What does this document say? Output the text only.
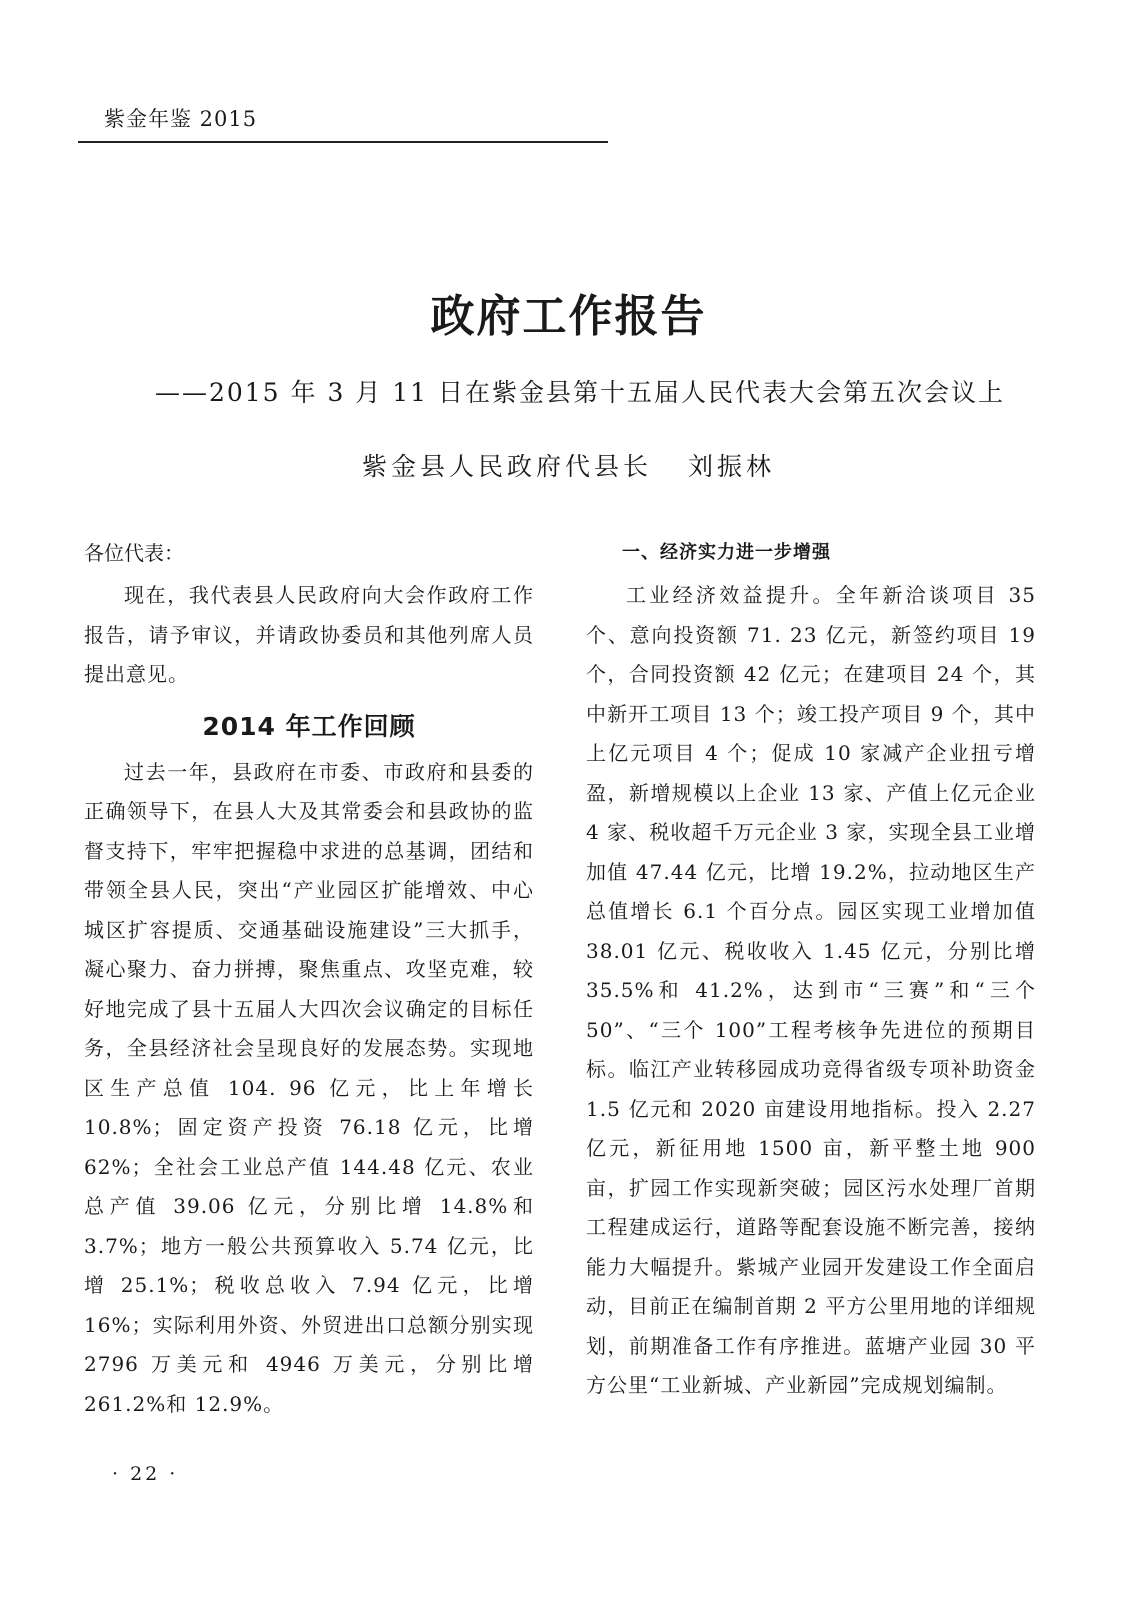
紫金年鉴 2015
政府工作报告
——2015 年 3 月 11 日在紫金县第十五届人民代表大会第五次会议上
紫金县人民政府代县长 刘振林

各位代表：

现在，我代表县人民政府向大会作政府工作报告，请予审议，并请政协委员和其他列席人员提出意见。

2014 年工作回顾

过去一年，县政府在市委、市政府和县委的正确领导下，在县人大及其常委会和县政协的监督支持下，牢牢把握稳中求进的总基调，团结和带领全县人民，突出“产业园区扩能增效、中心城区扩容提质、交通基础设施建设”三大抓手，凝心聚力、奋力拼搏，聚焦重点、攻坚克难，较好地完成了县十五届人大四次会议确定的目标任务，全县经济社会呈现良好的发展态势。实现地区生产总值 104. 96 亿元，比上年增长 10.8%；固定资产投资 76.18 亿元，比增 62%；全社会工业总产值 144.48 亿元、农业总产值 39.06 亿元，分别比增 14.8%和 3.7%；地方一般公共预算收入 5.74 亿元，比增 25.1%；税收总收入 7.94 亿元，比增 16%；实际利用外资、外贸进出口总额分别实现 2796 万美元和 4946 万美元，分别比增 261.2%和 12.9%。

一、经济实力进一步增强

工业经济效益提升。全年新洽谈项目 35 个、意向投资额 71. 23 亿元，新签约项目 19 个，合同投资额 42 亿元；在建项目 24 个，其中新开工项目 13 个；竣工投产项目 9 个，其中上亿元项目 4 个；促成 10 家减产企业扭亏增盈，新增规模以上企业 13 家、产值上亿元企业 4 家、税收超千万元企业 3 家，实现全县工业增加值 47.44 亿元，比增 19.2%，拉动地区生产总值增长 6.1 个百分点。园区实现工业增加值 38.01 亿元、税收收入 1.45 亿元，分别比增 35.5%和 41.2%，达到市“三赛”和“三个 50”、“三个 100”工程考核争先进位的预期目标。临江产业转移园成功竞得省级专项补助资金 1.5 亿元和 2020 亩建设用地指标。投入 2.27 亿元，新征用地 1500 亩，新平整土地 900 亩，扩园工作实现新突破；园区污水处理厂首期工程建成运行，道路等配套设施不断完善，接纳能力大幅提升。紫城产业园开发建设工作全面启动，目前正在编制首期 2 平方公里用地的详细规划，前期准备工作有序推进。蓝塘产业园 30 平方公里“工业新城、产业新园”完成规划编制。

· 22 ·
